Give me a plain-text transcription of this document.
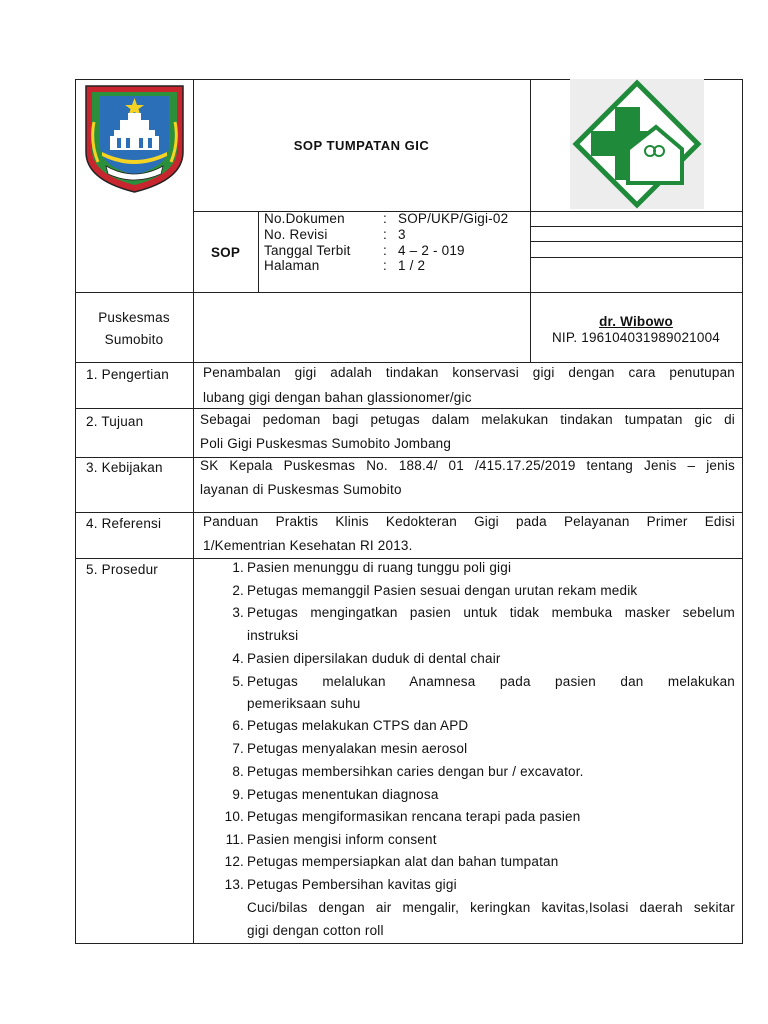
SOP TUMPATAN GIC
SOP
No.Dokumen	: SOP/UKP/Gigi-02
No. Revisi	: 3
Tanggal Terbit : 4 – 2 - 019
Halaman	: 1 / 2
Puskesmas
Sumobito
dr. Wibowo
NIP. 196104031989021004
1. Pengertian	Penambalan gigi adalah tindakan konservasi gigi dengan cara penutupan
lubang gigi dengan bahan glassionomer/gic
2. Tujuan	Sebagai pedoman bagi petugas dalam melakukan tindakan tumpatan gic di
Poli Gigi Puskesmas Sumobito Jombang
3. Kebijakan	SK Kepala Puskesmas No. 188.4/ 01 /415.17.25/2019 tentang Jenis – jenis
layanan di Puskesmas Sumobito
4. Referensi	Panduan Praktis Klinis Kedokteran Gigi pada Pelayanan Primer Edisi
1/Kementrian Kesehatan RI 2013.
5. Prosedur	1. Pasien menunggu di ruang tunggu poli gigi
2. Petugas memanggil Pasien sesuai dengan urutan rekam medik
3. Petugas mengingatkan pasien untuk tidak membuka masker sebelum
instruksi
4. Pasien dipersilakan duduk di dental chair
5. Petugas melalukan Anamnesa pada pasien dan melakukan
pemeriksaan suhu
6. Petugas melakukan CTPS dan APD
7. Petugas menyalakan mesin aerosol
8. Petugas membersihkan caries dengan bur / excavator.
9. Petugas menentukan diagnosa
10. Petugas mengiformasikan rencana terapi pada pasien
11. Pasien mengisi inform consent
12. Petugas mempersiapkan alat dan bahan tumpatan
13. Petugas Pembersihan kavitas gigi
Cuci/bilas dengan air mengalir, keringkan kavitas,Isolasi daerah sekitar
gigi dengan cotton roll
